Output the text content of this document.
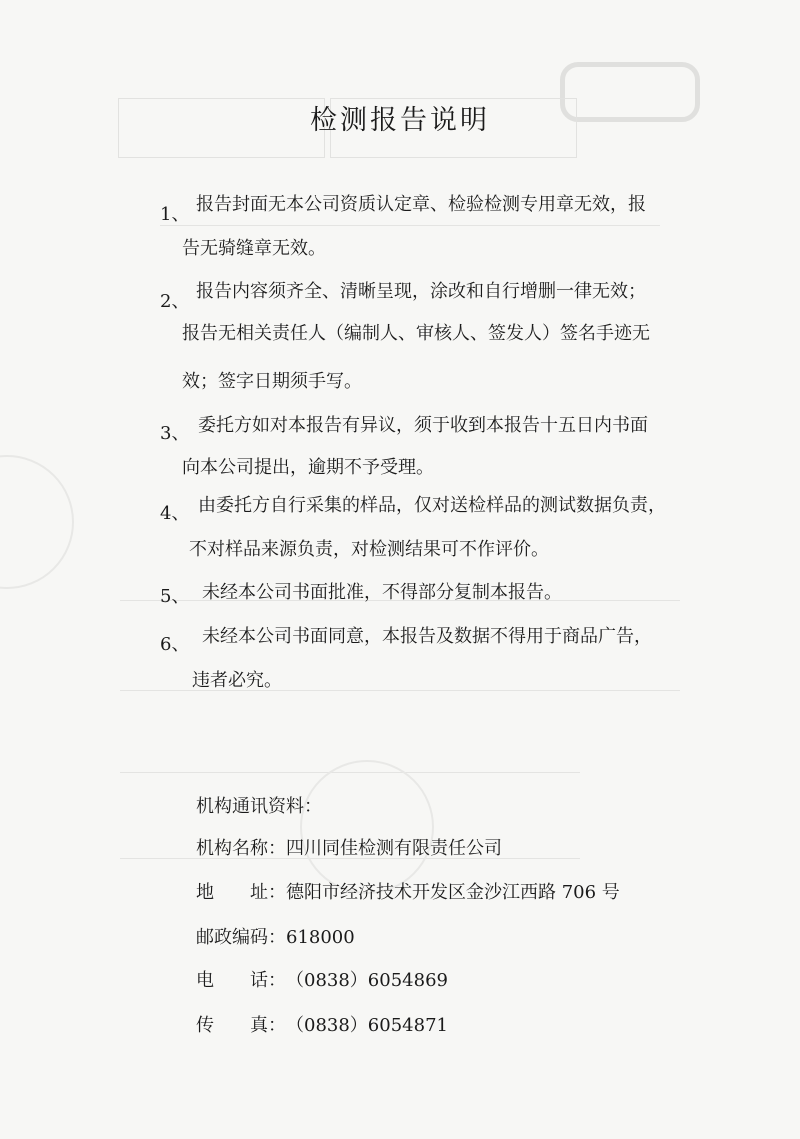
检测报告说明
1、 报告封面无本公司资质认定章、检验检测专用章无效，报
告无骑缝章无效。
2、 报告内容须齐全、清晰呈现，涂改和自行增删一律无效；
报告无相关责任人（编制人、审核人、签发人）签名手迹无
效；签字日期须手写。
3、 委托方如对本报告有异议，须于收到本报告十五日内书面
向本公司提出，逾期不予受理。
4、 由委托方自行采集的样品，仅对送检样品的测试数据负责，
不对样品来源负责，对检测结果可不作评价。
5、 未经本公司书面批准，不得部分复制本报告。
6、 未经本公司书面同意，本报告及数据不得用于商品广告，
违者必究。
机构通讯资料：
机构名称：四川同佳检测有限责任公司
地　　址：德阳市经济技术开发区金沙江西路 706 号
邮政编码：618000
电　　话：（0838）6054869
传　　真：（0838）6054871
